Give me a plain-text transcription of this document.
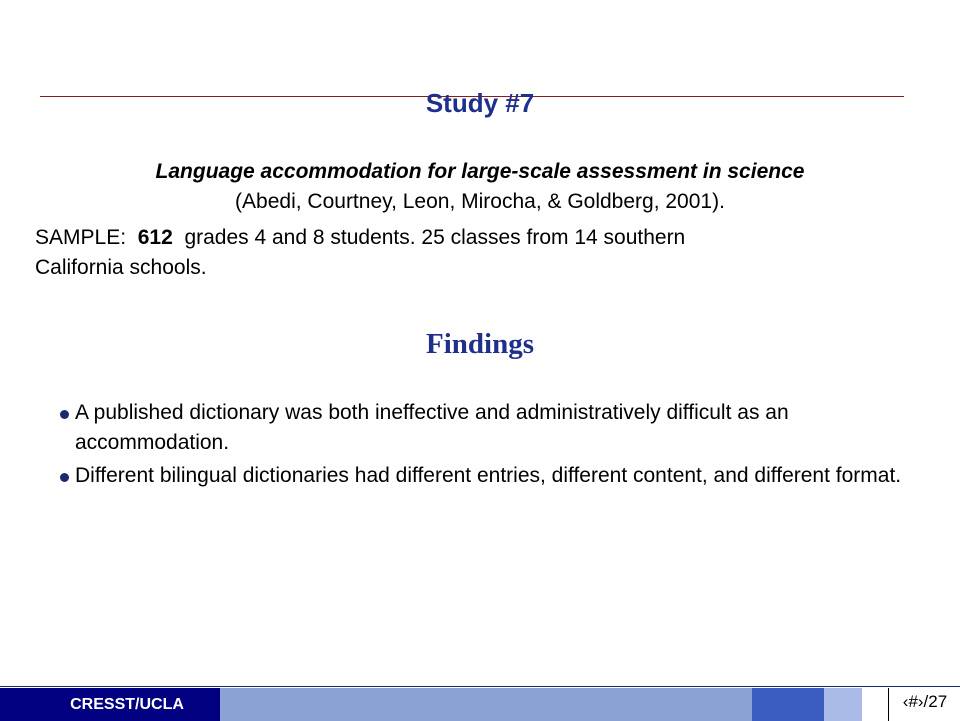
Study #7
Language accommodation for large-scale assessment in science
(Abedi, Courtney, Leon, Mirocha, & Goldberg, 2001).
SAMPLE: 612 grades 4 and 8 students. 25 classes from 14 southern
California schools.
Findings
A published dictionary was both ineffective and administratively difficult as an accommodation.
Different bilingual dictionaries had different entries, different content, and different format.
CRESST/UCLA	‹#›/27
